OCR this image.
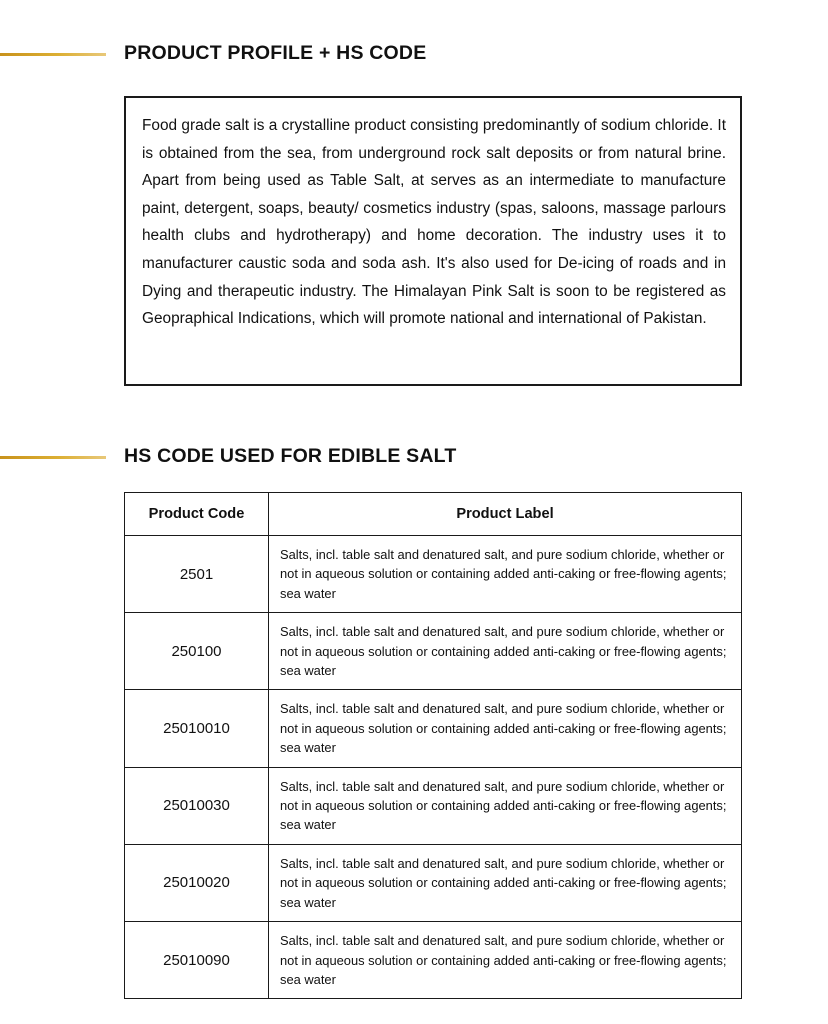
PRODUCT PROFILE + HS CODE
Food grade salt is a crystalline product consisting predominantly of sodium chloride. It is obtained from the sea, from underground rock salt deposits or from natural brine. Apart from being used as Table Salt, at serves as an intermediate to manufacture paint, detergent, soaps, beauty/ cosmetics industry (spas, saloons, massage parlours health clubs and hydrotherapy) and home decoration. The industry uses it to manufacturer caustic soda and soda ash. It's also used for De-icing of roads and in Dying and therapeutic industry. The Himalayan Pink Salt is soon to be registered as Geopraphical Indications, which will promote national and international of Pakistan.
HS CODE USED FOR EDIBLE SALT
Product Code	Product Label
2501	Salts, incl. table salt and denatured salt, and pure sodium chloride, whether or not in aqueous solution or containing added anti-caking or free-flowing agents; sea water
250100	Salts, incl. table salt and denatured salt, and pure sodium chloride, whether or not in aqueous solution or containing added anti-caking or free-flowing agents; sea water
25010010	Salts, incl. table salt and denatured salt, and pure sodium chloride, whether or not in aqueous solution or containing added anti-caking or free-flowing agents; sea water
25010030	Salts, incl. table salt and denatured salt, and pure sodium chloride, whether or not in aqueous solution or containing added anti-caking or free-flowing agents; sea water
25010020	Salts, incl. table salt and denatured salt, and pure sodium chloride, whether or not in aqueous solution or containing added anti-caking or free-flowing agents; sea water
25010090	Salts, incl. table salt and denatured salt, and pure sodium chloride, whether or not in aqueous solution or containing added anti-caking or free-flowing agents; sea water
